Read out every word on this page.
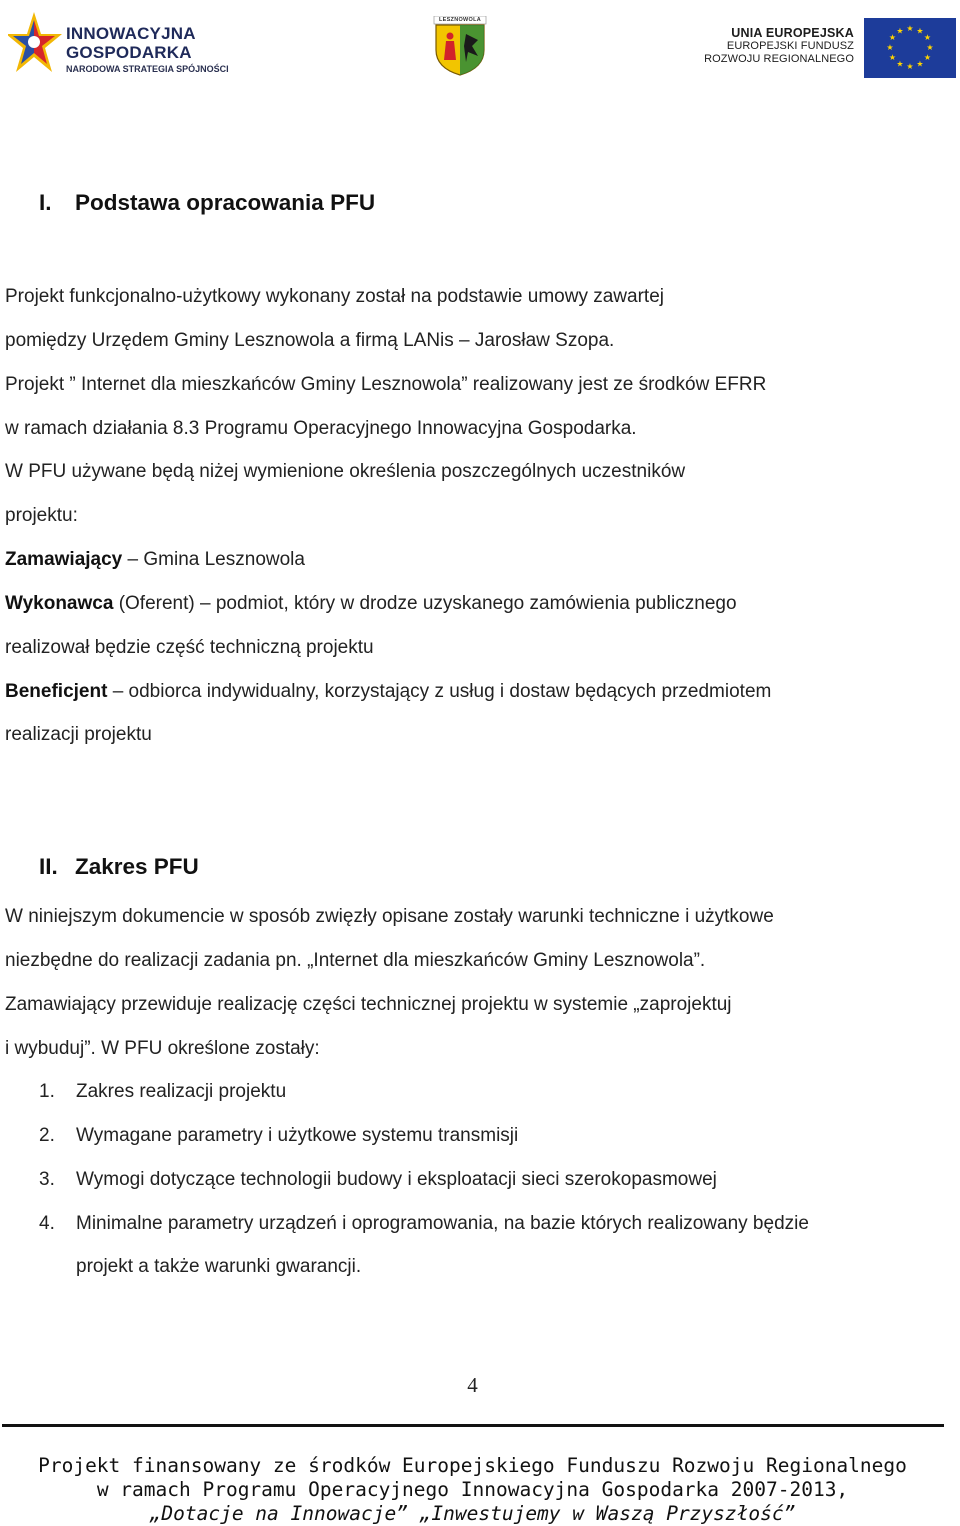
INNOWACYJNA
GOSPODARKA
NARODOWA STRATEGIA SPÓJNOŚCI
LESZNOWOLA
UNIA EUROPEJSKA
EUROPEJSKI FUNDUSZ
ROZWOJU REGIONALNEGO
★ ★
★
★
★
★
★
★
★
★
★
★
I. Podstawa opracowania PFU
Projekt funkcjonalno-użytkowy wykonany został na podstawie umowy zawartej
pomiędzy Urzędem Gminy Lesznowola a firmą LANis – Jarosław Szopa.
Projekt ” Internet dla mieszkańców Gminy Lesznowola” realizowany jest ze środków EFRR
w ramach działania 8.3 Programu Operacyjnego Innowacyjna Gospodarka.
W PFU używane będą niżej wymienione określenia poszczególnych uczestników
projektu:
Zamawiający – Gmina Lesznowola
Wykonawca (Oferent) – podmiot, który w drodze uzyskanego zamówienia publicznego
realizował będzie część techniczną projektu
Beneficjent – odbiorca indywidualny, korzystający z usług i dostaw będących przedmiotem
realizacji projektu
II. Zakres PFU
W niniejszym dokumencie w sposób zwięzły opisane zostały warunki techniczne i użytkowe
niezbędne do realizacji zadania pn. „Internet dla mieszkańców Gminy Lesznowola”.
Zamawiający przewiduje realizację części technicznej projektu w systemie „zaprojektuj
i wybuduj”. W PFU określone zostały:
1. Zakres realizacji projektu
2. Wymagane parametry i użytkowe systemu transmisji
3. Wymogi dotyczące technologii budowy i eksploatacji sieci szerokopasmowej
4. Minimalne parametry urządzeń i oprogramowania, na bazie których realizowany będzie
projekt a także warunki gwarancji.
4
Projekt finansowany ze środków Europejskiego Funduszu Rozwoju Regionalnego
w ramach Programu Operacyjnego Innowacyjna Gospodarka 2007-2013,
„Dotacje na Innowacje” „Inwestujemy w Waszą Przyszłość”
